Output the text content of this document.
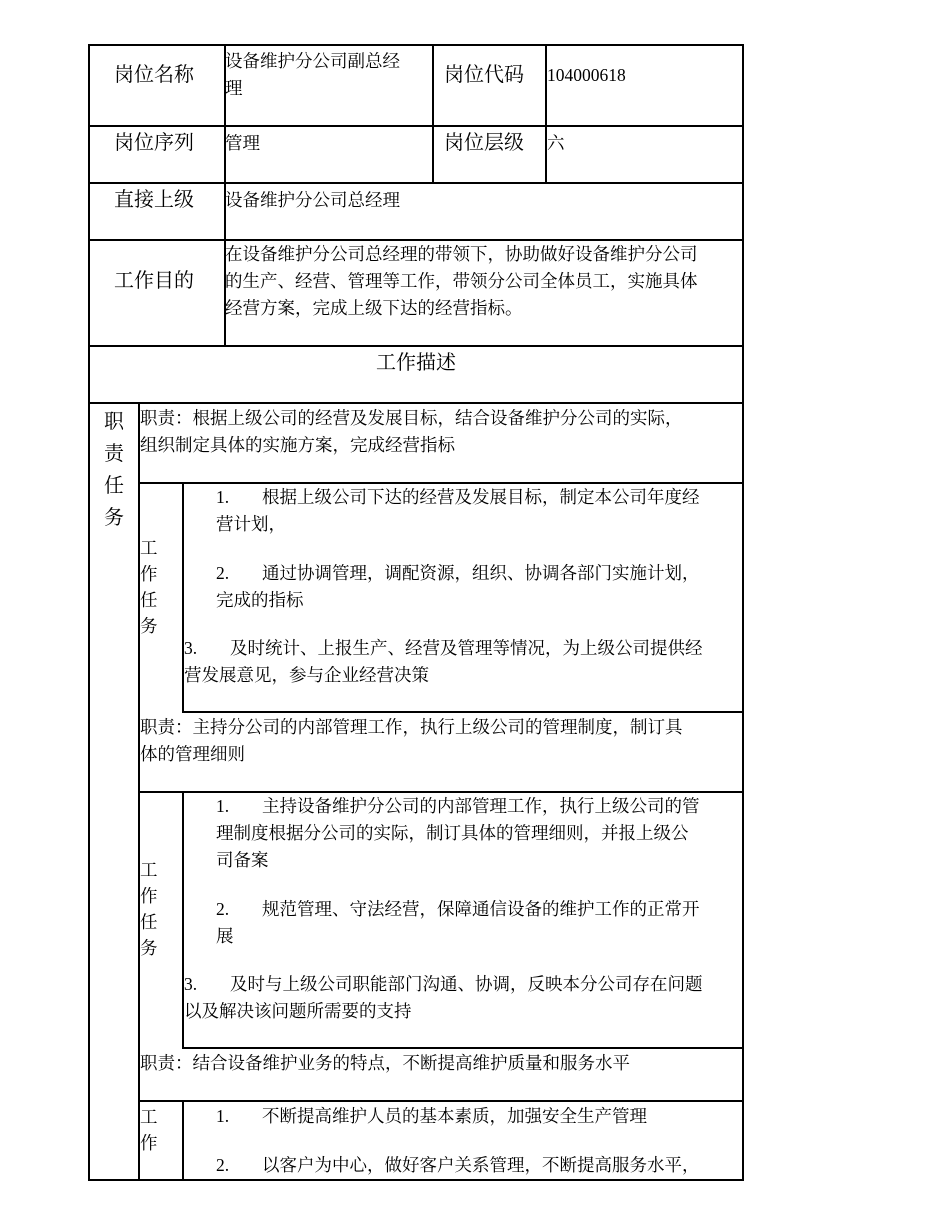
岗位名称
设备维护分公司副总经
理
岗位代码 104000618
岗位序列 管理	岗位层级 六
直接上级 设备维护分公司总经理
工作目的
在设备维护分公司总经理的带领下，协助做好设备维护分公司
的生产、经营、管理等工作，带领分公司全体员工，实施具体
经营方案，完成上级下达的经营指标。
工作描述
职
责
任
务
职责：根据上级公司的经营及发展目标，结合设备维护分公司的实际，
组织制定具体的实施方案，完成经营指标
工
作
任
务
1. 根据上级公司下达的经营及发展目标，制定本公司年度经
营计划，
2. 通过协调管理，调配资源，组织、协调各部门实施计划，
完成的指标
3. 及时统计、上报生产、经营及管理等情况，为上级公司提供经
营发展意见，参与企业经营决策
职责：主持分公司的内部管理工作，执行上级公司的管理制度，制订具
体的管理细则
工
作
任
务
1. 主持设备维护分公司的内部管理工作，执行上级公司的管
理制度根据分公司的实际，制订具体的管理细则，并报上级公
司备案
2. 规范管理、守法经营，保障通信设备的维护工作的正常开
展
3. 及时与上级公司职能部门沟通、协调，反映本分公司存在问题
以及解决该问题所需要的支持
职责：结合设备维护业务的特点，不断提高维护质量和服务水平
工
作
1. 不断提高维护人员的基本素质，加强安全生产管理
2. 以客户为中心，做好客户关系管理，不断提高服务水平，
